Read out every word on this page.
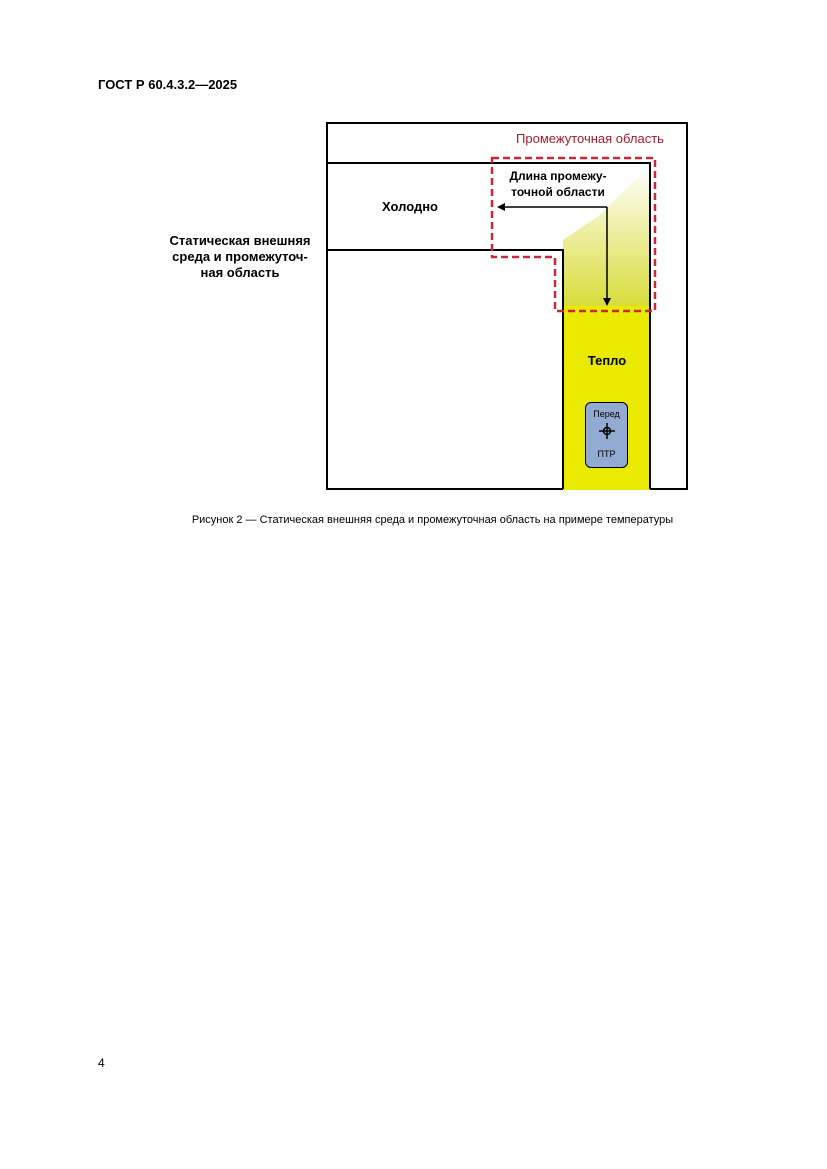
ГОСТ Р 60.4.3.2—2025
Промежуточная область
Длина промежу-
точной области
Холодно
Статическая внешняя
среда и промежуточ-
ная область
Тепло
Перед
ПТР
Рисунок 2 — Статическая внешняя среда и промежуточная область на примере температуры
4
